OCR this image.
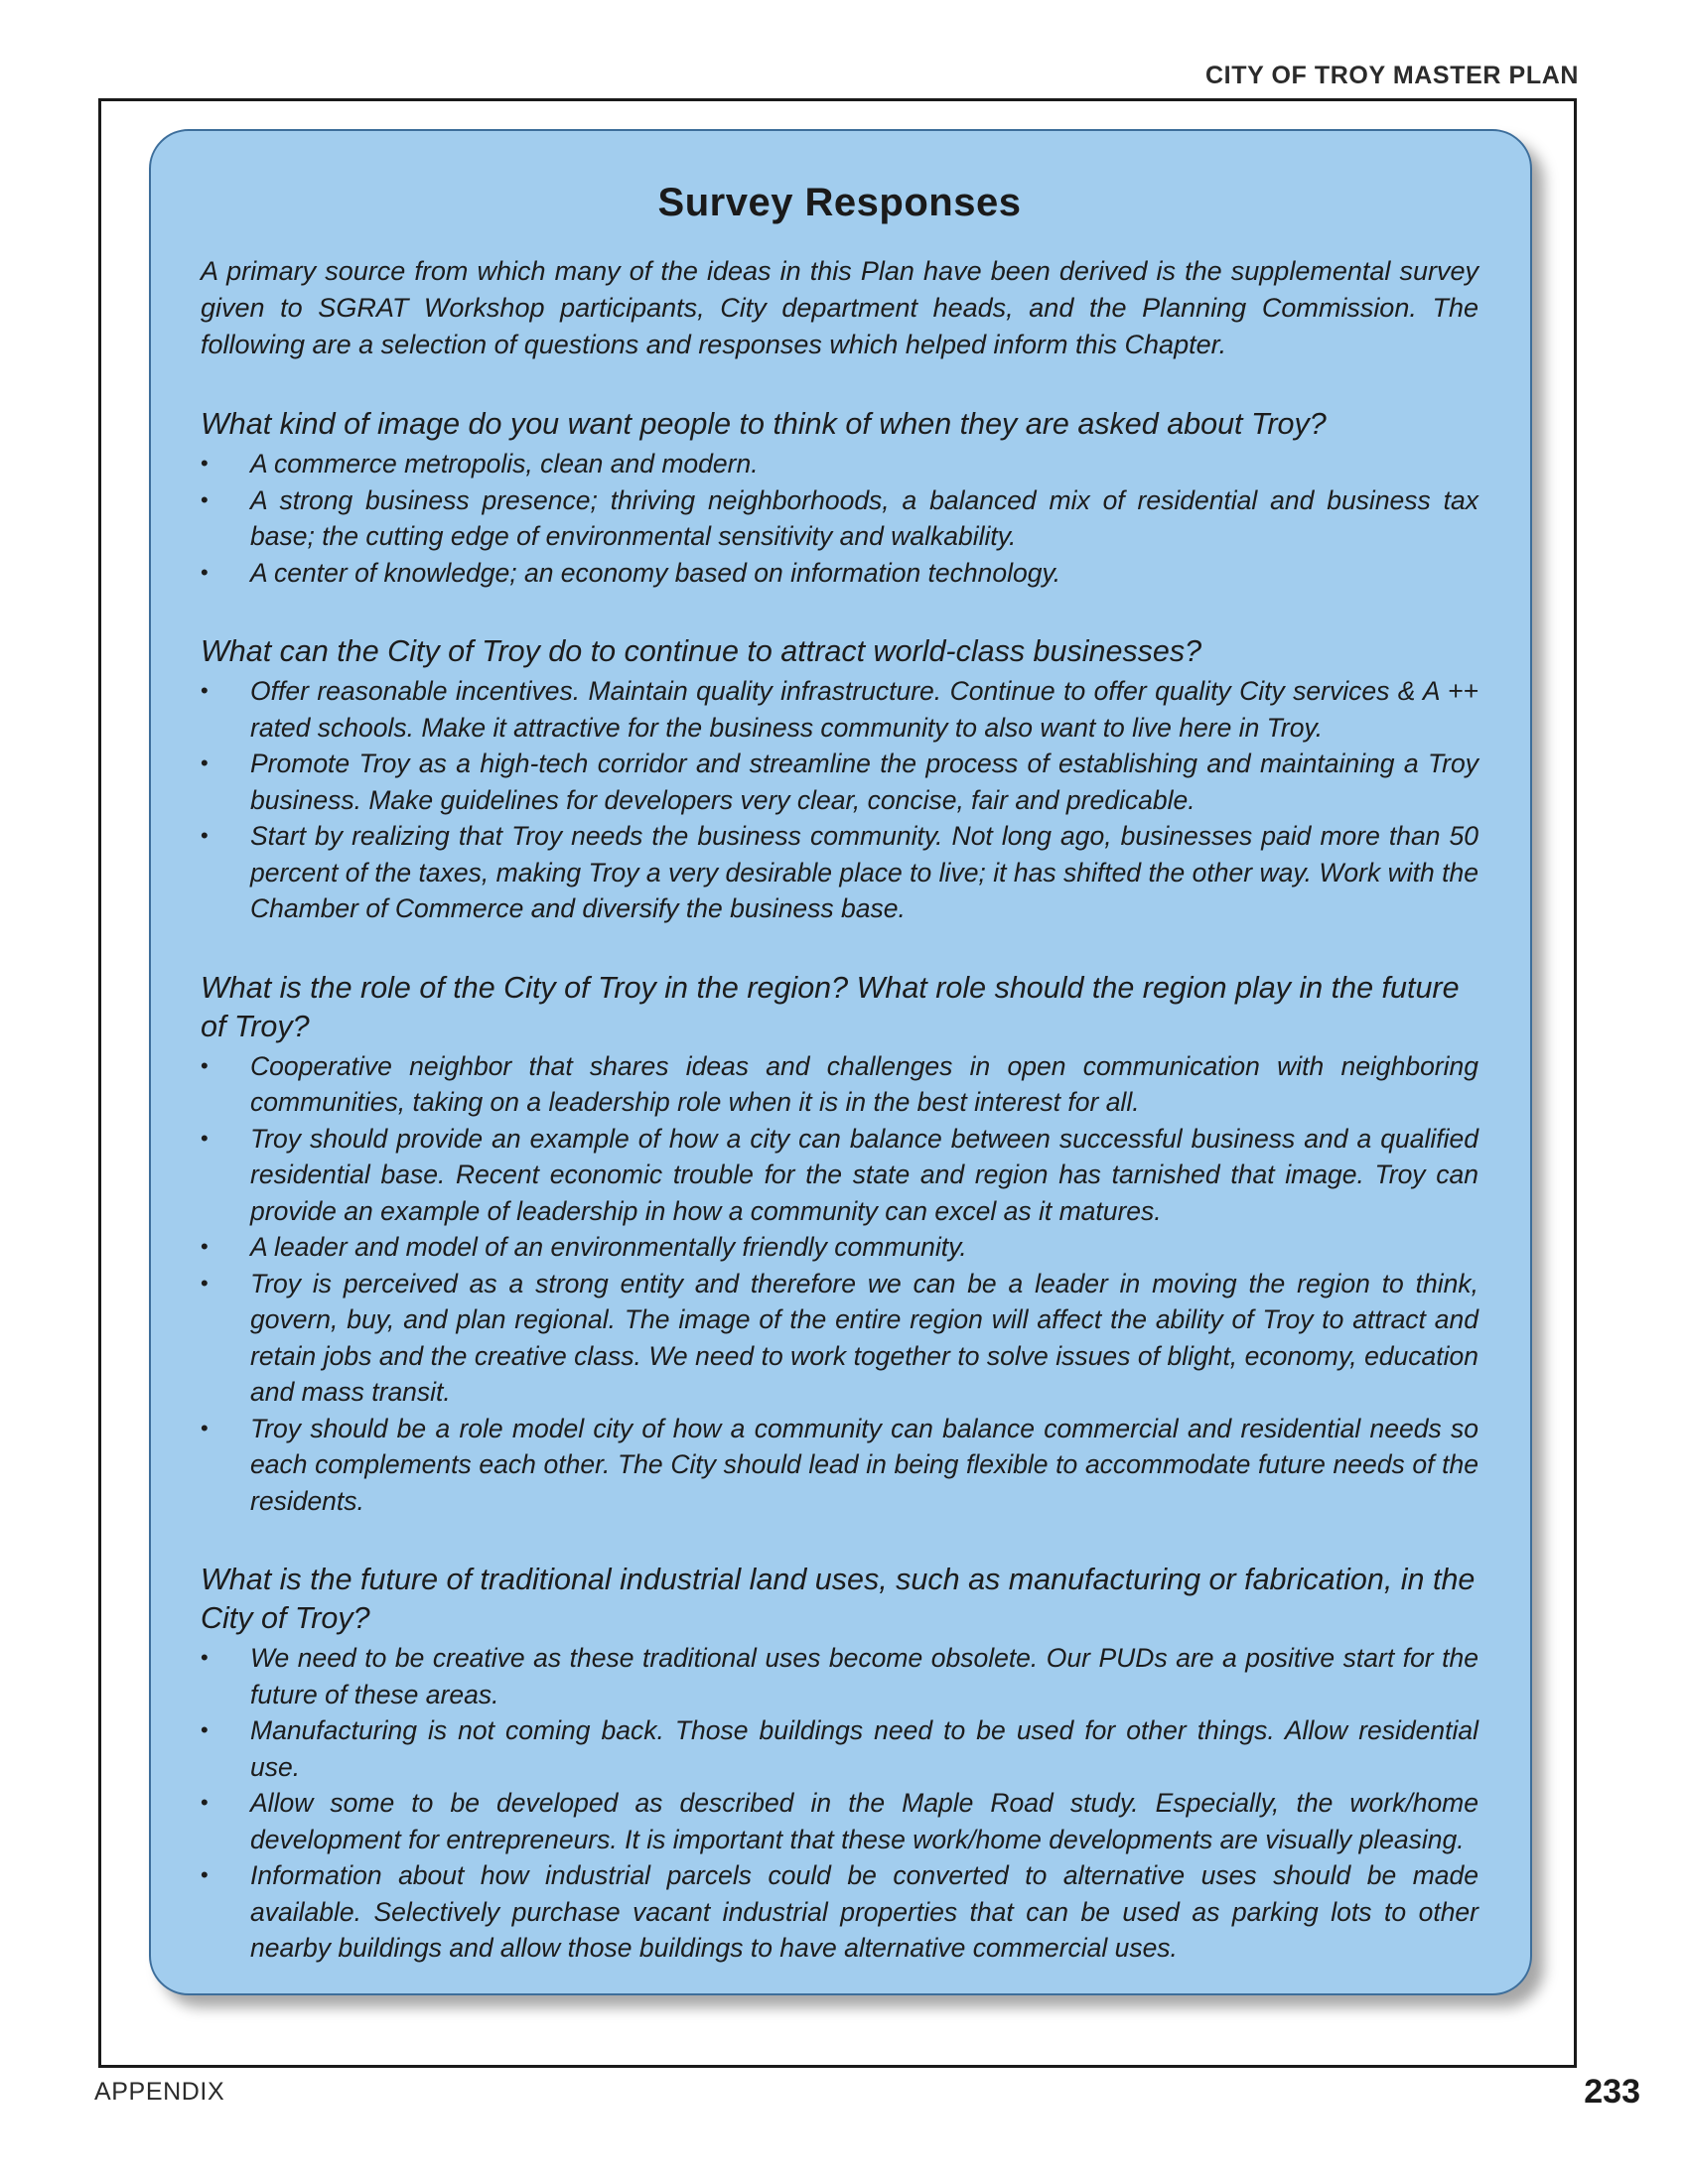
CITY OF TROY MASTER PLAN
Survey Responses

A primary source from which many of the ideas in this Plan have been derived is the supplemental survey given to SGRAT Workshop participants, City department heads, and the Planning Commission. The following are a selection of questions and responses which helped inform this Chapter.

What kind of image do you want people to think of when they are asked about Troy?

• A commerce metropolis, clean and modern.
• A strong business presence; thriving neighborhoods, a balanced mix of residential and business tax base; the cutting edge of environmental sensitivity and walkability.
• A center of knowledge; an economy based on information technology.

What can the City of Troy do to continue to attract world-class businesses?

• Offer reasonable incentives. Maintain quality infrastructure. Continue to offer quality City services & A ++ rated schools. Make it attractive for the business community to also want to live here in Troy.
• Promote Troy as a high-tech corridor and streamline the process of establishing and maintaining a Troy business. Make guidelines for developers very clear, concise, fair and predicable.
• Start by realizing that Troy needs the business community. Not long ago, businesses paid more than 50 percent of the taxes, making Troy a very desirable place to live; it has shifted the other way. Work with the Chamber of Commerce and diversify the business base.

What is the role of the City of Troy in the region? What role should the region play in the future of Troy?

• Cooperative neighbor that shares ideas and challenges in open communication with neighboring communities, taking on a leadership role when it is in the best interest for all.
• Troy should provide an example of how a city can balance between successful business and a qualified residential base. Recent economic trouble for the state and region has tarnished that image. Troy can provide an example of leadership in how a community can excel as it matures.
• A leader and model of an environmentally friendly community.
• Troy is perceived as a strong entity and therefore we can be a leader in moving the region to think, govern, buy, and plan regional. The image of the entire region will affect the ability of Troy to attract and retain jobs and the creative class. We need to work together to solve issues of blight, economy, education and mass transit.
• Troy should be a role model city of how a community can balance commercial and residential needs so each complements each other. The City should lead in being flexible to accommodate future needs of the residents.

What is the future of traditional industrial land uses, such as manufacturing or fabrication, in the City of Troy?

• We need to be creative as these traditional uses become obsolete. Our PUDs are a positive start for the future of these areas.
• Manufacturing is not coming back. Those buildings need to be used for other things. Allow residential use.
• Allow some to be developed as described in the Maple Road study. Especially, the work/home development for entrepreneurs. It is important that these work/home developments are visually pleasing.
• Information about how industrial parcels could be converted to alternative uses should be made available. Selectively purchase vacant industrial properties that can be used as parking lots to other nearby buildings and allow those buildings to have alternative commercial uses.
APPENDIX	233
